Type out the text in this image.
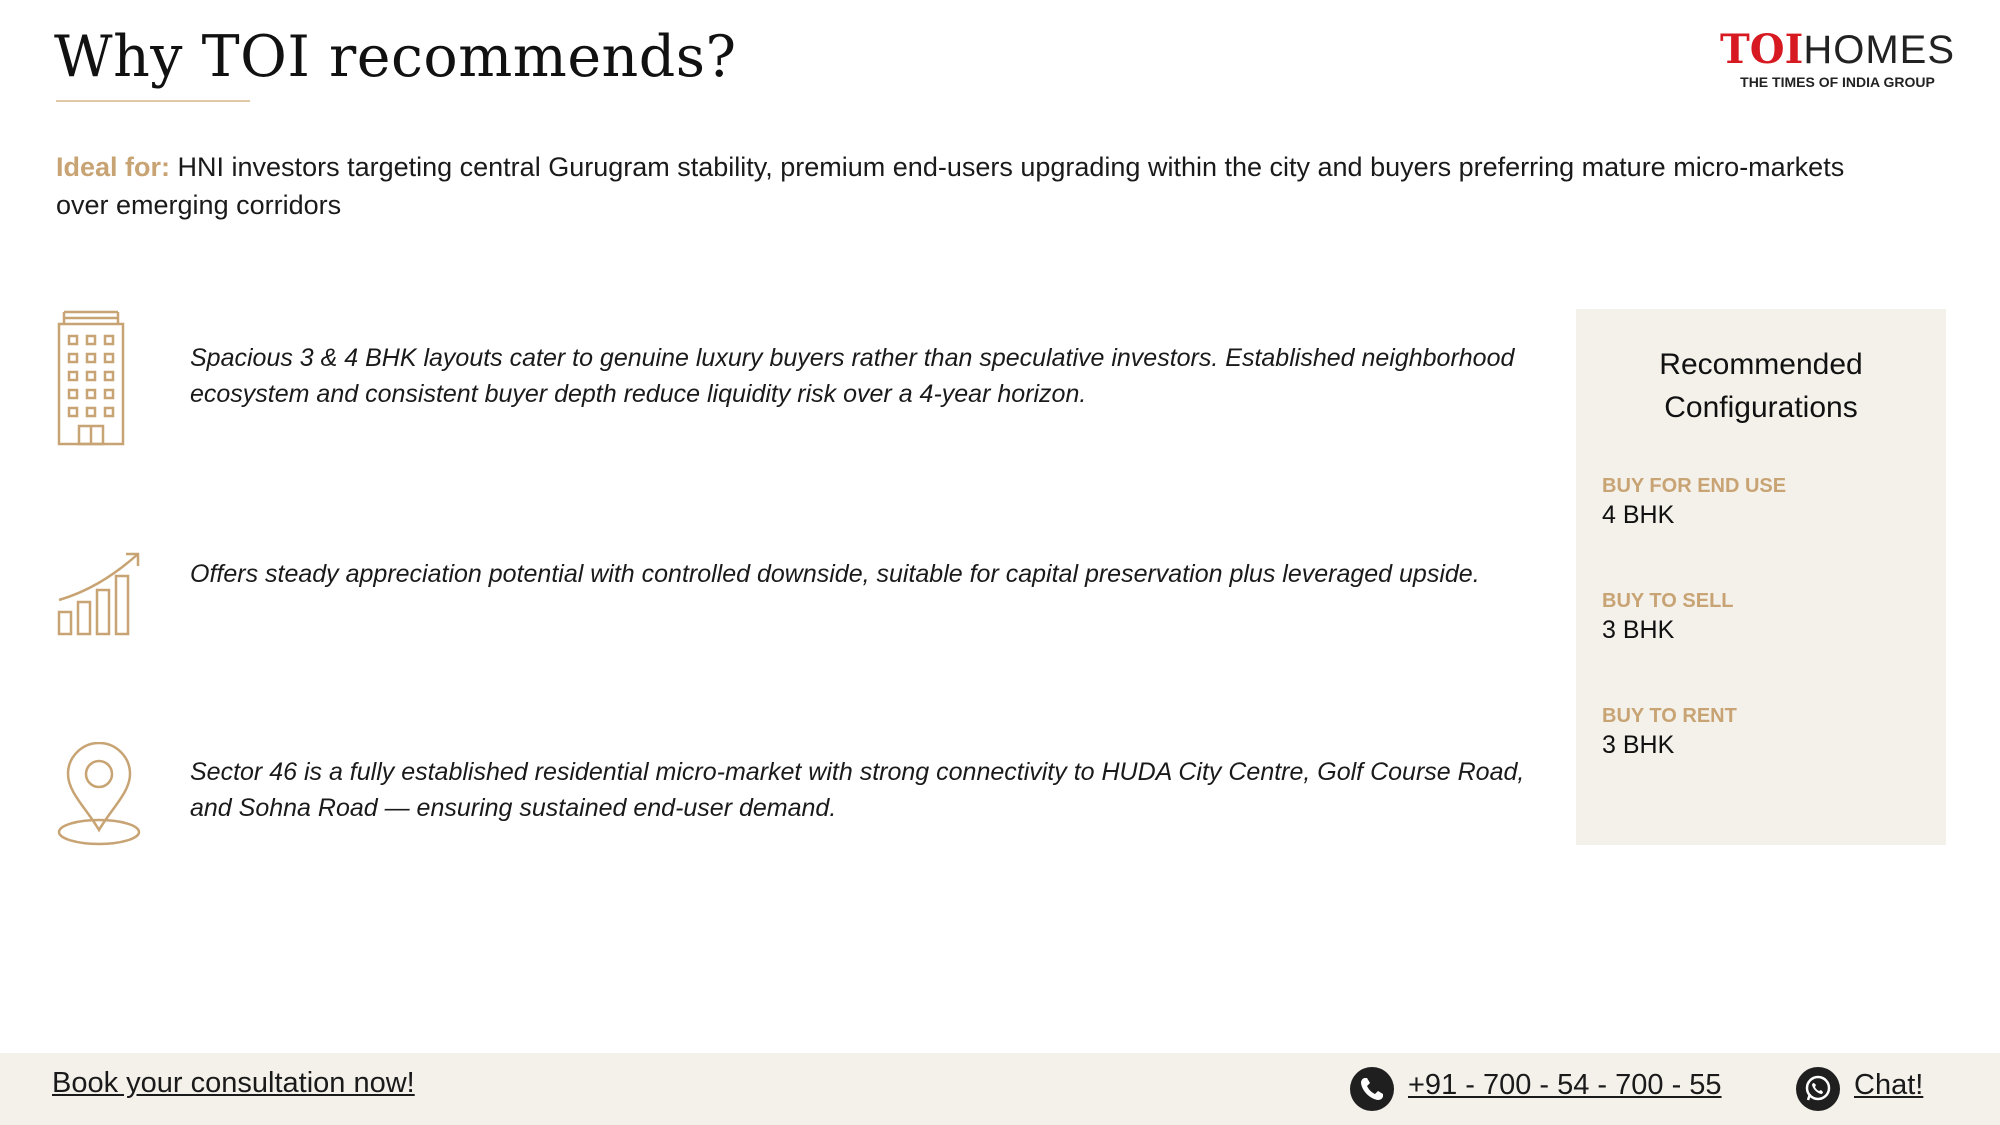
Why TOI recommends?	TOIHOMES
THE TIMES OF INDIA GROUP
Ideal for: HNI investors targeting central Gurugram stability, premium end-users upgrading within the city and buyers preferring mature micro-markets over emerging corridors
Spacious 3 & 4 BHK layouts cater to genuine luxury buyers rather than speculative investors. Established neighborhood ecosystem and consistent buyer depth reduce liquidity risk over a 4-year horizon.
Offers steady appreciation potential with controlled downside, suitable for capital preservation plus leveraged upside.
Sector 46 is a fully established residential micro-market with strong connectivity to HUDA City Centre, Golf Course Road, and Sohna Road — ensuring sustained end-user demand.
Recommended
Configurations
BUY FOR END USE
4 BHK
BUY TO SELL
3 BHK
BUY TO RENT
3 BHK
Book your consultation now!	+91 - 700 - 54 - 700 - 55	Chat!
